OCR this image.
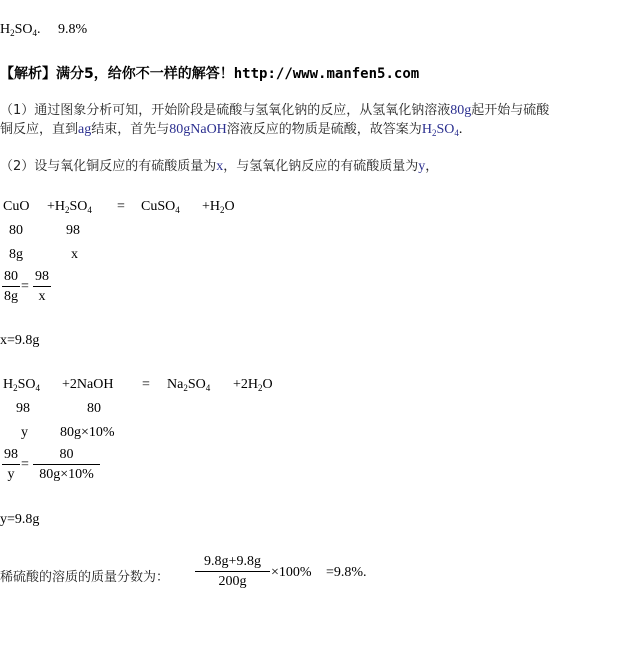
$H_2SO_4$. 9.8%
【解析】满分5，给你不一样的解答！http://www.manfen5.com
（1）通过图象分析可知，开始阶段是硫酸与氢氧化钠的反应，从氢氧化钠溶液80g起开始与硫酸
铜反应，直到ag结束，首先与80gNaOH溶液反应的物质是硫酸，故答案为$H_2SO_4$.
（2）设与氧化铜反应的有硫酸质量为x，与氢氧化钠反应的有硫酸质量为y，
CuO $+H_2SO_4$ = CuSO$_4$ $+H_2O$
80	98
8g	x
80
8g
=
98
x
x=9.8g
$H_2SO_4$ +2NaOH = $Na_2SO_4 +2H_2O$
98	80
y 80g×10%
98
y
=
80
80g×10%
y=9.8g
稀硫酸的溶质的质量分数为：
9.8g+9.8g
200g
×100% =9.8%.
